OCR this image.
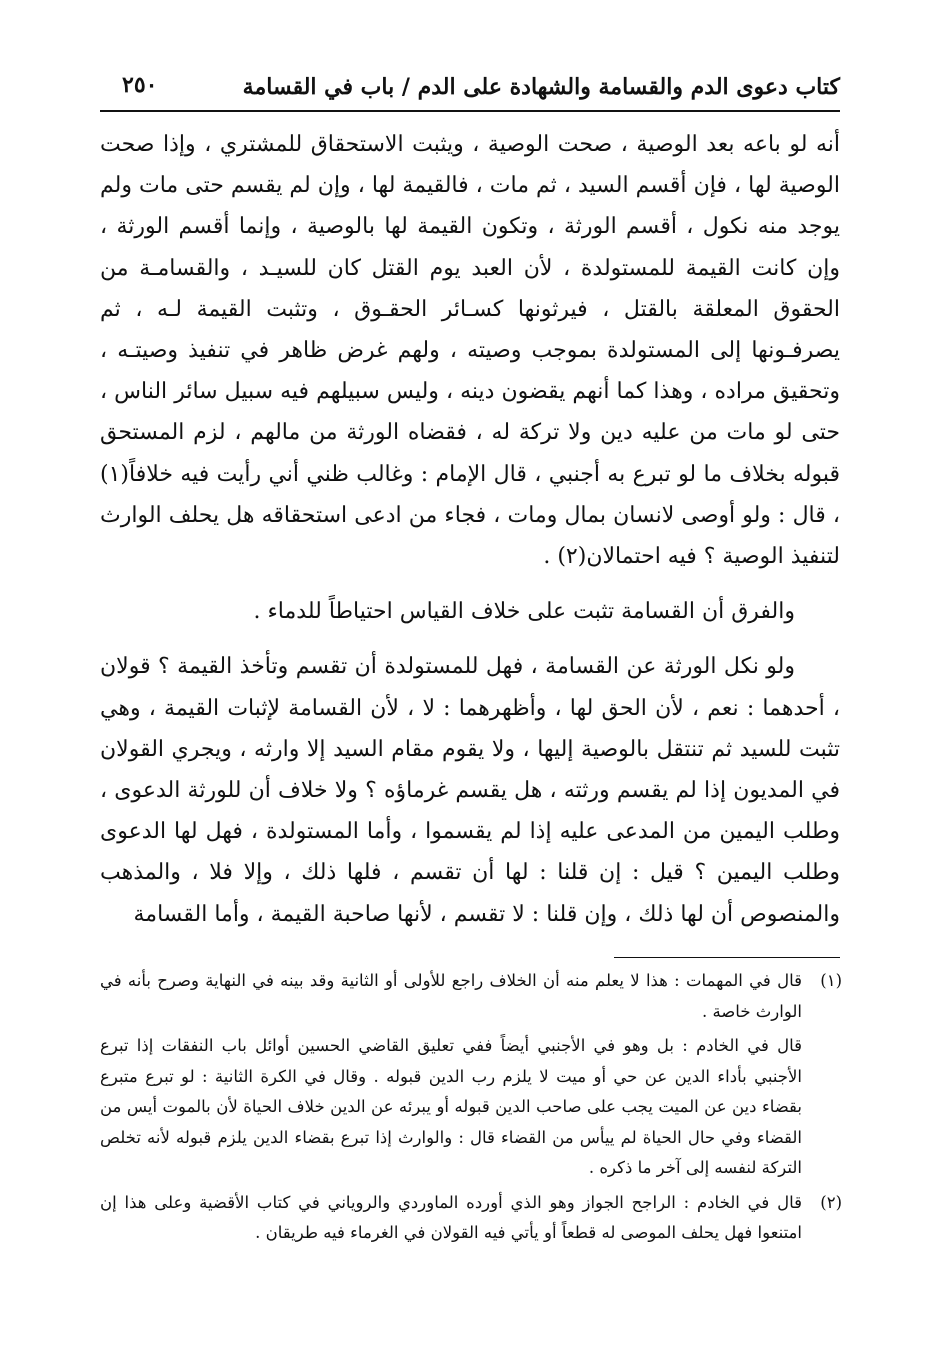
كتاب دعوى الدم والقسامة والشهادة على الدم / باب في القسامة
٢٥٠

أنه لو باعه بعد الوصية ، صحت الوصية ، ويثبت الاستحقاق للمشتري ، وإذا صحت الوصية لها ، فإن أقسم السيد ، ثم مات ، فالقيمة لها ، وإن لم يقسم حتى مات ولم يوجد منه نكول ، أقسم الورثة ، وتكون القيمة لها بالوصية ، وإنما أقسم الورثة ، وإن كانت القيمة للمستولدة ، لأن العبد يوم القتل كان للسيـد ، والقسامـة من الحقوق المعلقة بالقتل ، فيرثونها كسـائر الحقـوق ، وتثبت القيمة لـه ، ثم يصرفـونها إلى المستولدة بموجب وصيته ، ولهم غرض ظاهر في تنفيذ وصيتـه ، وتحقيق مراده ، وهذا كما أنهم يقضون دينه ، وليس سبيلهم فيه سبيل سائر الناس ، حتى لو مات من عليه دين ولا تركة له ، فقضاه الورثة من مالهم ، لزم المستحق قبوله بخلاف ما لو تبرع به أجنبي ، قال الإمام : وغالب ظني أني رأيت فيه خلافاً(١) ، قال : ولو أوصى لانسان بمال ومات ، فجاء من ادعى استحقاقه هل يحلف الوارث لتنفيذ الوصية ؟ فيه احتمالان(٢) .

والفرق أن القسامة تثبت على خلاف القياس احتياطاً للدماء .

ولو نكل الورثة عن القسامة ، فهل للمستولدة أن تقسم وتأخذ القيمة ؟ قولان ، أحدهما : نعم ، لأن الحق لها ، وأظهرهما : لا ، لأن القسامة لإثبات القيمة ، وهي تثبت للسيد ثم تنتقل بالوصية إليها ، ولا يقوم مقام السيد إلا وارثه ، ويجري القولان في المديون إذا لم يقسم ورثته ، هل يقسم غرماؤه ؟ ولا خلاف أن للورثة الدعوى ، وطلب اليمين من المدعى عليه إذا لم يقسموا ، وأما المستولدة ، فهل لها الدعوى وطلب اليمين ؟ قيل : إن قلنا : لها أن تقسم ، فلها ذلك ، وإلا فلا ، والمذهب والمنصوص أن لها ذلك ، وإن قلنا : لا تقسم ، لأنها صاحبة القيمة ، وأما القسامة

(١)
قال في المهمات : هذا لا يعلم منه أن الخلاف راجع للأولى أو الثانية وقد بينه في النهاية وصرح بأنه في الوارث خاصة .

قال في الخادم : بل وهو في الأجنبي أيضاً ففي تعليق القاضي الحسين أوائل باب النفقات إذا تبرع الأجنبي بأداء الدين عن حي أو ميت لا يلزم رب الدين قبوله . وقال في الكرة الثانية : لو تبرع متبرع بقضاء دين عن الميت يجب على صاحب الدين قبوله أو يبرئه عن الدين خلاف الحياة لأن بالموت أيس من القضاء وفي حال الحياة لم ييأس من القضاء قال : والوارث إذا تبرع بقضاء الدين يلزم قبوله لأنه تخلص التركة لنفسه إلى آخر ما ذكره .

(٢)
قال في الخادم : الراجح الجواز وهو الذي أورده الماوردي والروياني في كتاب الأقضية وعلى هذا إن امتنعوا فهل يحلف الموصى له قطعاً أو يأتي فيه القولان في الغرماء فيه طريقان .
